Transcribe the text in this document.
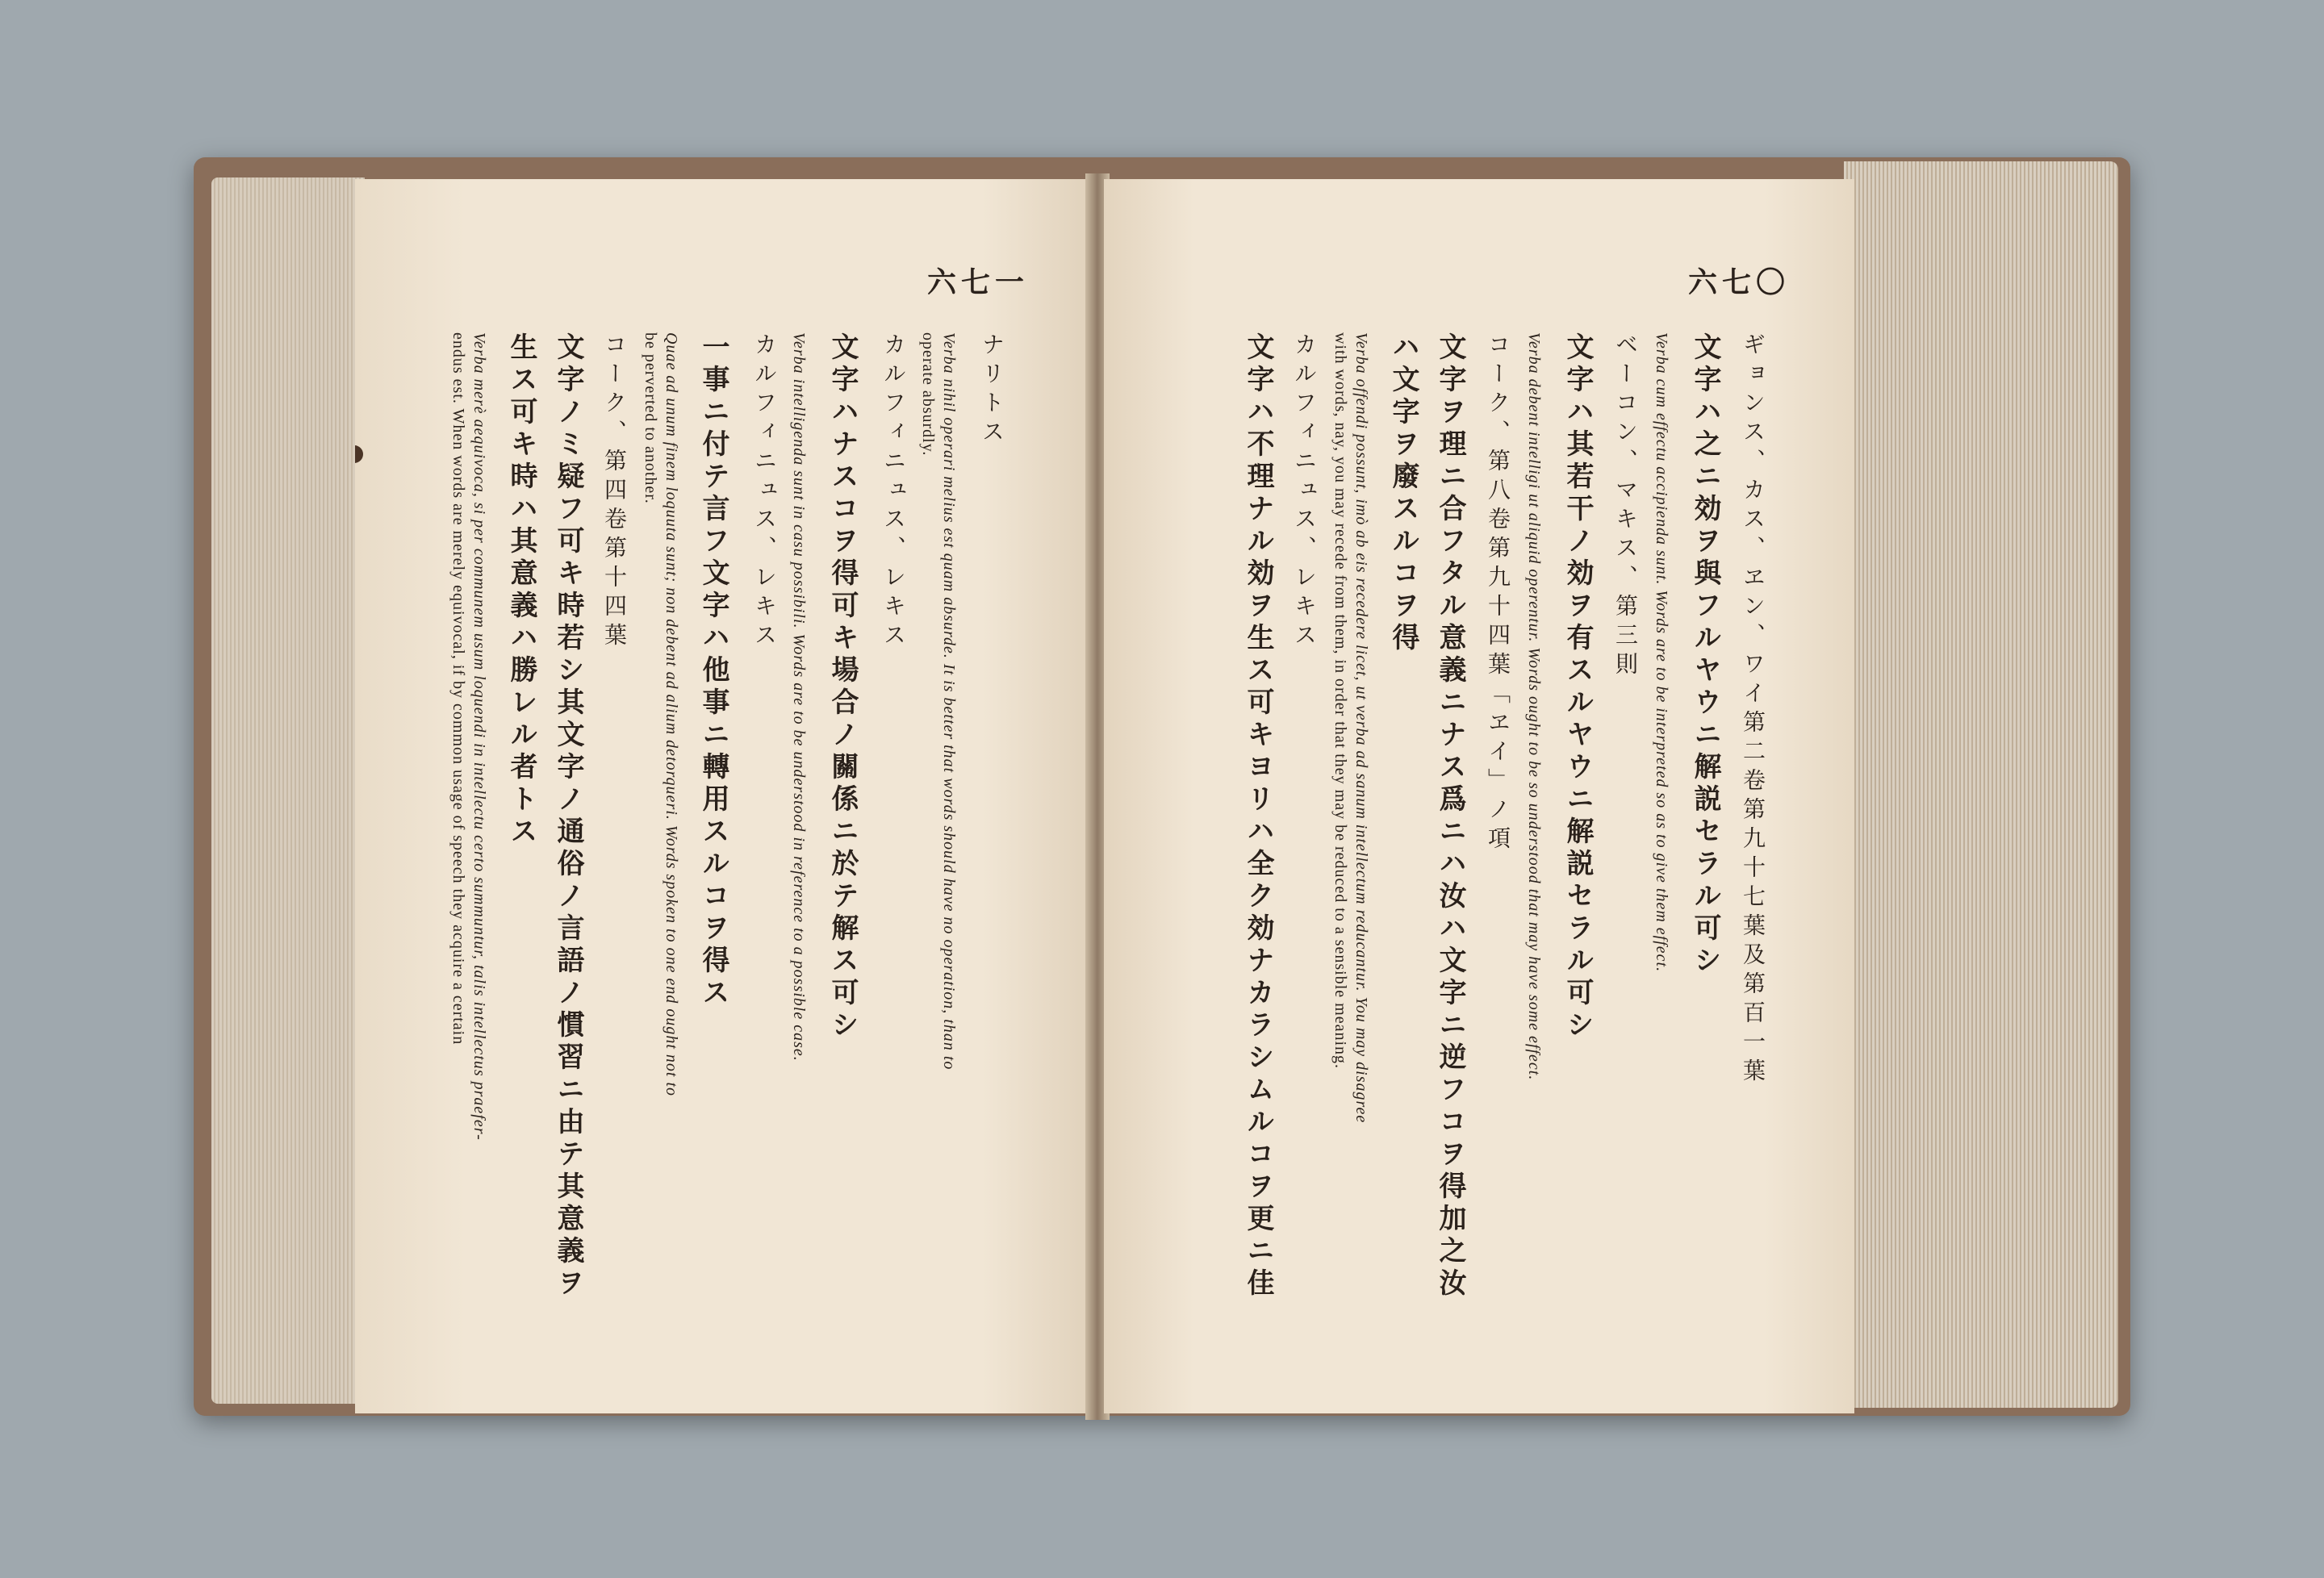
六七一
ナリトス
Verba nihil operari melius est quam absurde. It is better that words should have no operation, than to
operate absurdly.
カルフィニュス、レキス
文字ハナスコヲ得可キ場合ノ關係ニ於テ解ス可シ
Verba intelligenda sunt in casu possibili. Words are to be understood in reference to a possible case.
カルフィニュス、レキス
一事ニ付テ言フ文字ハ他事ニ轉用スルコヲ得ス
Quae ad unum finem loquuta sunt; non debent ad alium detorqueri. Words spoken to one end ought not to
be perverted to another.
コーク、第四卷第十四葉
文字ノミ疑フ可キ時若シ其文字ノ通俗ノ言語ノ慣習ニ由テ其意義ヲ
生ス可キ時ハ其意義ハ勝レル者トス
Verba merè aequivoca, si per communem usum loquendi in intellectu certo summuntur, talis intellectus praefer-
endus est. When words are merely equivocal, if by common usage of speech they acquire a certain
六七〇
ギョンス、カス、ヱン、ワイ第二卷第九十七葉及第百一葉
文字ハ之ニ効ヲ與フルヤウニ解説セラル可シ
Verba cum effectu accipienda sunt. Words are to be interpreted so as to give them effect.
ベーコン、マキス、第三則
文字ハ其若干ノ効ヲ有スルヤウニ解説セラル可シ
Verba debent intelligi ut aliquid operentur. Words ought to be so understood that may have some effect.
コーク、第八卷第九十四葉「ヱイ」ノ項
文字ヲ理ニ合フタル意義ニナス爲ニハ汝ハ文字ニ逆フコヲ得加之汝
ハ文字ヲ廢スルコヲ得
Verba offendi possunt, imò ab eis recedere licet, ut verba ad sanum intellectum reducantur. You may disagree
with words, nay, you may recede from them, in order that they may be reduced to a sensible meaning.
カルフィニュス、レキス
文字ハ不理ナル効ヲ生ス可キヨリハ全ク効ナカラシムルコヲ更ニ佳
